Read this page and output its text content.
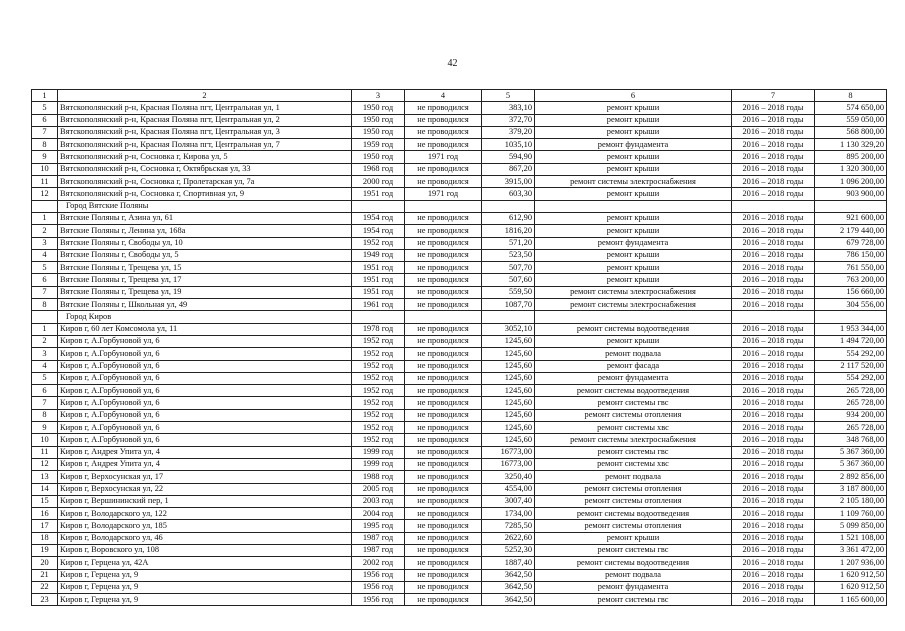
42
1	2	3	4	5	6	7	8
5	Вятскополянский р-н, Красная Поляна пгт, Центральная ул, 1	1950 год	не проводился	383,10	ремонт крыши	2016 – 2018 годы	574 650,00
6	Вятскополянский р-н, Красная Поляна пгт, Центральная ул, 2	1950 год	не проводился	372,70	ремонт крыши	2016 – 2018 годы	559 050,00
7	Вятскополянский р-н, Красная Поляна пгт, Центральная ул, 3	1950 год	не проводился	379,20	ремонт крыши	2016 – 2018 годы	568 800,00
8	Вятскополянский р-н, Красная Поляна пгт, Центральная ул, 7	1959 год	не проводился	1035,10	ремонт фундамента	2016 – 2018 годы	1 130 329,20
9	Вятскополянский р-н, Сосновка г, Кирова ул, 5	1950 год	1971 год	594,90	ремонт крыши	2016 – 2018 годы	895 200,00
10	Вятскополянский р-н, Сосновка г, Октябрьская ул, 33	1968 год	не проводился	867,20	ремонт крыши	2016 – 2018 годы	1 320 300,00
11	Вятскополянский р-н, Сосновка г, Пролетарская ул, 7а	2000 год	не проводился	3915,00	ремонт системы электроснабжения	2016 – 2018 годы	1 096 200,00
12	Вятскополянский р-н, Сосновка г, Спортивная ул, 9	1951 год	1971 год	603,30	ремонт крыши	2016 – 2018 годы	903 900,00
	Город Вятские Поляны						
1	Вятские Поляны г, Азина ул, 61	1954 год	не проводился	612,90	ремонт крыши	2016 – 2018 годы	921 600,00
2	Вятские Поляны г, Ленина ул, 168а	1954 год	не проводился	1816,20	ремонт крыши	2016 – 2018 годы	2 179 440,00
3	Вятские Поляны г, Свободы ул, 10	1952 год	не проводился	571,20	ремонт фундамента	2016 – 2018 годы	679 728,00
4	Вятские Поляны г, Свободы ул, 5	1949 год	не проводился	523,50	ремонт крыши	2016 – 2018 годы	786 150,00
5	Вятские Поляны г, Трещева ул, 15	1951 год	не проводился	507,70	ремонт крыши	2016 – 2018 годы	761 550,00
6	Вятские Поляны г, Трещева ул, 17	1951 год	не проводился	507,60	ремонт крыши	2016 – 2018 годы	763 200,00
7	Вятские Поляны г, Трещева ул, 19	1951 год	не проводился	559,50	ремонт системы электроснабжения	2016 – 2018 годы	156 660,00
8	Вятские Поляны г, Школьная ул, 49	1961 год	не проводился	1087,70	ремонт системы электроснабжения	2016 – 2018 годы	304 556,00
	Город Киров						
1	Киров г, 60 лет Комсомола ул, 11	1978 год	не проводился	3052,10	ремонт системы водоотведения	2016 – 2018 годы	1 953 344,00
2	Киров г, А.Горбуновой ул, 6	1952 год	не проводился	1245,60	ремонт крыши	2016 – 2018 годы	1 494 720,00
3	Киров г, А.Горбуновой ул, 6	1952 год	не проводился	1245,60	ремонт подвала	2016 – 2018 годы	554 292,00
4	Киров г, А.Горбуновой ул, 6	1952 год	не проводился	1245,60	ремонт фасада	2016 – 2018 годы	2 117 520,00
5	Киров г, А.Горбуновой ул, 6	1952 год	не проводился	1245,60	ремонт фундамента	2016 – 2018 годы	554 292,00
6	Киров г, А.Горбуновой ул, 6	1952 год	не проводился	1245,60	ремонт системы водоотведения	2016 – 2018 годы	265 728,00
7	Киров г, А.Горбуновой ул, 6	1952 год	не проводился	1245,60	ремонт системы гвс	2016 – 2018 годы	265 728,00
8	Киров г, А.Горбуновой ул, 6	1952 год	не проводился	1245,60	ремонт системы отопления	2016 – 2018 годы	934 200,00
9	Киров г, А.Горбуновой ул, 6	1952 год	не проводился	1245,60	ремонт системы хвс	2016 – 2018 годы	265 728,00
10	Киров г, А.Горбуновой ул, 6	1952 год	не проводился	1245,60	ремонт системы электроснабжения	2016 – 2018 годы	348 768,00
11	Киров г, Андрея Упита ул, 4	1999 год	не проводился	16773,00	ремонт системы гвс	2016 – 2018 годы	5 367 360,00
12	Киров г, Андрея Упита ул, 4	1999 год	не проводился	16773,00	ремонт системы хвс	2016 – 2018 годы	5 367 360,00
13	Киров г, Верхосунская ул, 17	1988 год	не проводился	3250,40	ремонт подвала	2016 – 2018 годы	2 892 856,00
14	Киров г, Верхосунская ул, 22	2005 год	не проводился	4554,00	ремонт системы отопления	2016 – 2018 годы	3 187 800,00
15	Киров г, Вершининский пер, 1	2003 год	не проводился	3007,40	ремонт системы отопления	2016 – 2018 годы	2 105 180,00
16	Киров г, Володарского ул, 122	2004 год	не проводился	1734,00	ремонт системы водоотведения	2016 – 2018 годы	1 109 760,00
17	Киров г, Володарского ул, 185	1995 год	не проводился	7285,50	ремонт системы отопления	2016 – 2018 годы	5 099 850,00
18	Киров г, Володарского ул, 46	1987 год	не проводился	2622,60	ремонт крыши	2016 – 2018 годы	1 521 108,00
19	Киров г, Воровского ул, 108	1987 год	не проводился	5252,30	ремонт системы гвс	2016 – 2018 годы	3 361 472,00
20	Киров г, Герцена ул, 42А	2002 год	не проводился	1887,40	ремонт системы водоотведения	2016 – 2018 годы	1 207 936,00
21	Киров г, Герцена ул, 9	1956 год	не проводился	3642,50	ремонт подвала	2016 – 2018 годы	1 620 912,50
22	Киров г, Герцена ул, 9	1956 год	не проводился	3642,50	ремонт фундамента	2016 – 2018 годы	1 620 912,50
23	Киров г, Герцена ул, 9	1956 год	не проводился	3642,50	ремонт системы гвс	2016 – 2018 годы	1 165 600,00
